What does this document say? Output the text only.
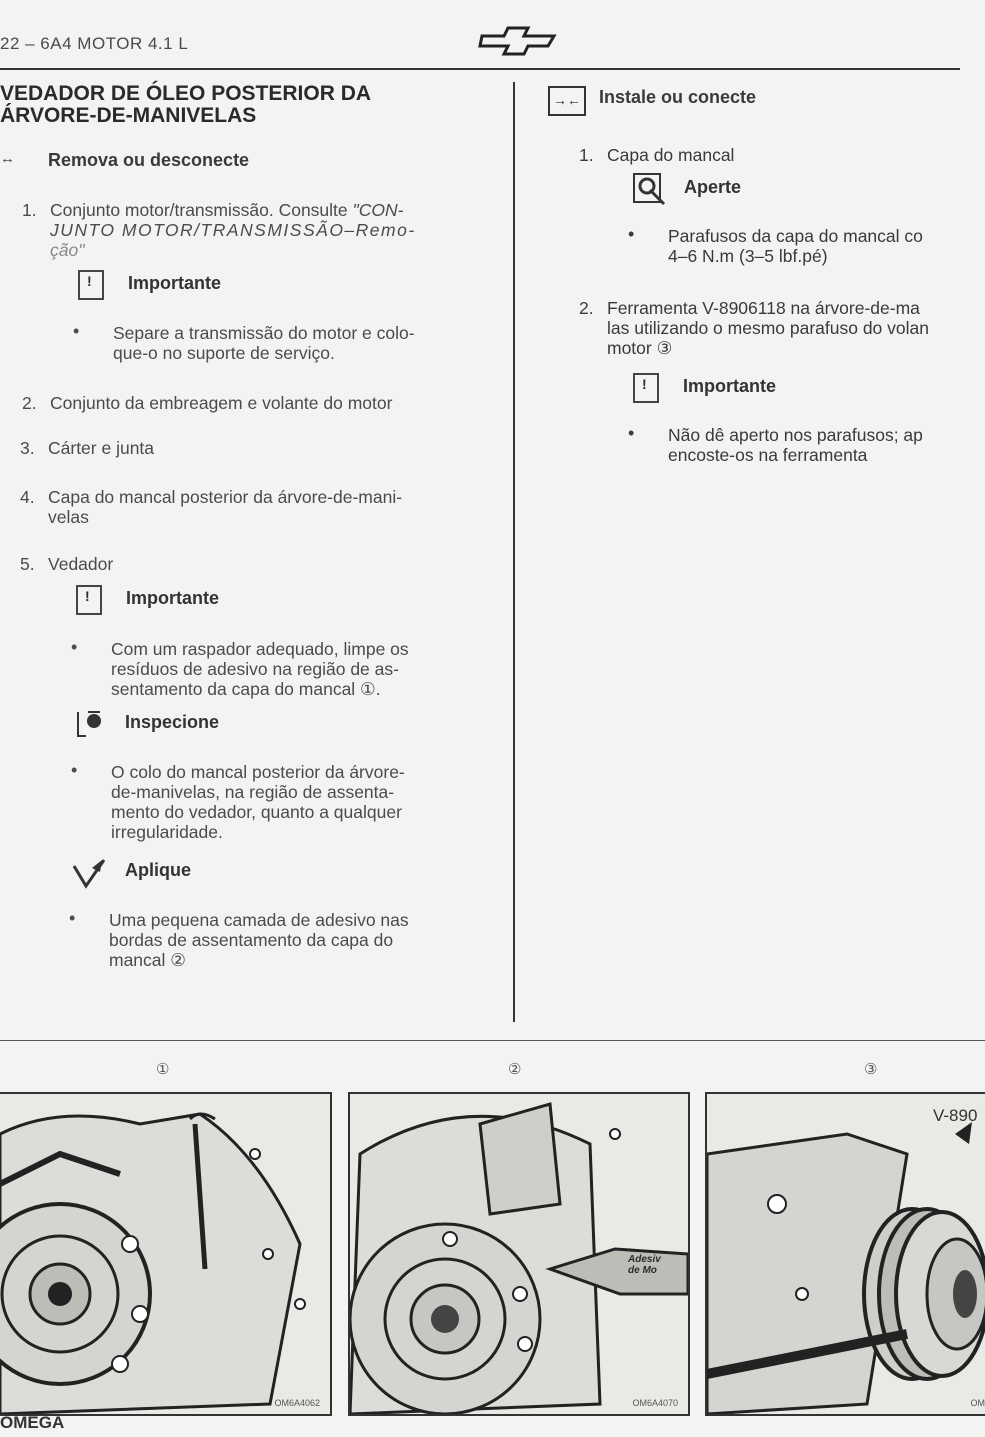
22 – 6A4 MOTOR 4.1 L
VEDADOR DE ÓLEO POSTERIOR DA
ÁRVORE-DE-MANIVELAS
↔ Remova ou desconecte
1. Conjunto motor/transmissão. Consulte "CON-
JUNTO MOTOR/TRANSMISSÃO–Remo-
ção"
! Importante
• Separe a transmissão do motor e colo-
que-o no suporte de serviço.
2. Conjunto da embreagem e volante do motor
3. Cárter e junta
4. Capa do mancal posterior da árvore-de-mani-
velas
5. Vedador
! Importante
• Com um raspador adequado, limpe os
resíduos de adesivo na região de as-
sentamento da capa do mancal ①.
Inspecione
• O colo do mancal posterior da árvore-
de-manivelas, na região de assenta-
mento do vedador, quanto a qualquer
irregularidade.
Aplique
• Uma pequena camada de adesivo nas
bordas de assentamento da capa do
mancal ②
→← Instale ou conecte
1. Capa do mancal
Aperte
• Parafusos da capa do mancal co
4–6 N.m (3–5 lbf.pé)
2. Ferramenta V-8906118 na árvore-de-ma
las utilizando o mesmo parafuso do volan
motor ③
! Importante
• Não dê aperto nos parafusos; ap
encoste-os na ferramenta
①	②	③
OM6A4062
Adesiv
de Mo
OM6A4070
V-890
OM
OMEGA
